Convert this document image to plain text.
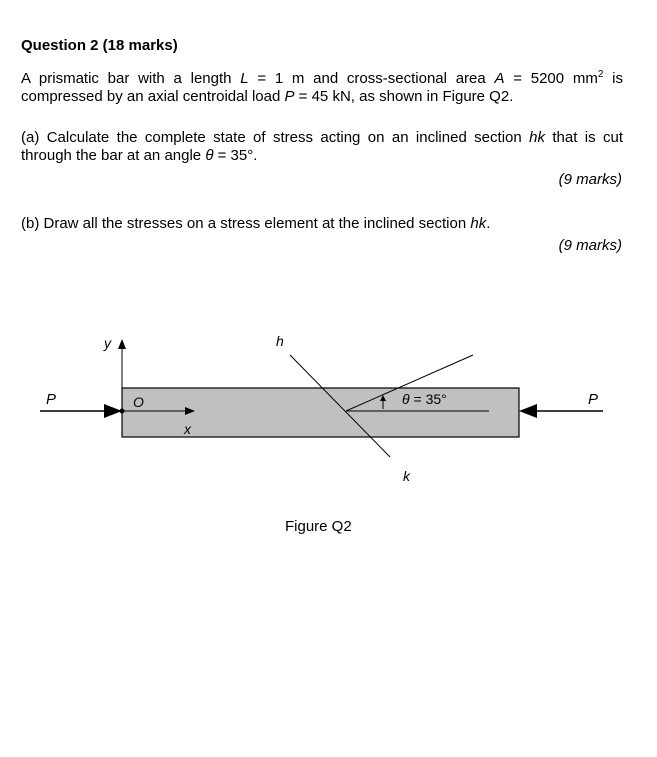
Question 2 (18 marks)
A prismatic bar with a length L = 1 m and cross-sectional area A = 5200 $mm^2$ is
compressed by an axial centroidal load P = 45 kN, as shown in Figure Q2.
(a) Calculate the complete state of stress acting on an inclined section hk that is cut
through the bar at an angle θ = 35°.
(9 marks)
(b) Draw all the stresses on a stress element at the inclined section hk.
(9 marks)
P	P
y
x
O
h
k
θ = 35°
Figure Q2
